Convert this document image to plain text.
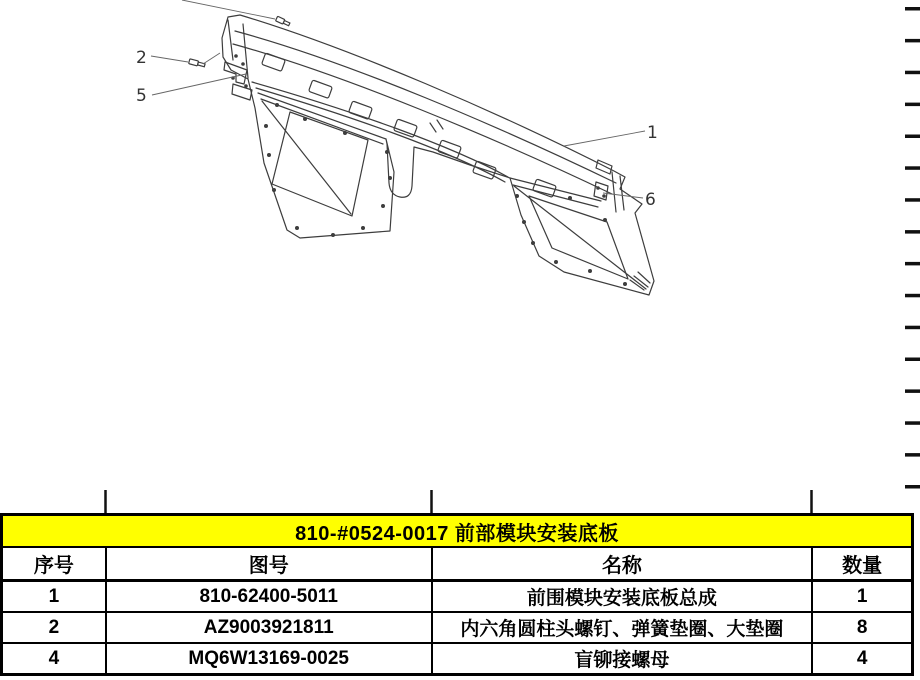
2
5
1
6
810-#0524-0017 前部模块安装底板			
序号	图号	名称	数量
1	810-62400-5011	前围模块安装底板总成	1
2	AZ9003921811	内六角圆柱头螺钉、弹簧垫圈、大垫圈	8
4	MQ6W13169-0025	盲铆接螺母	4
